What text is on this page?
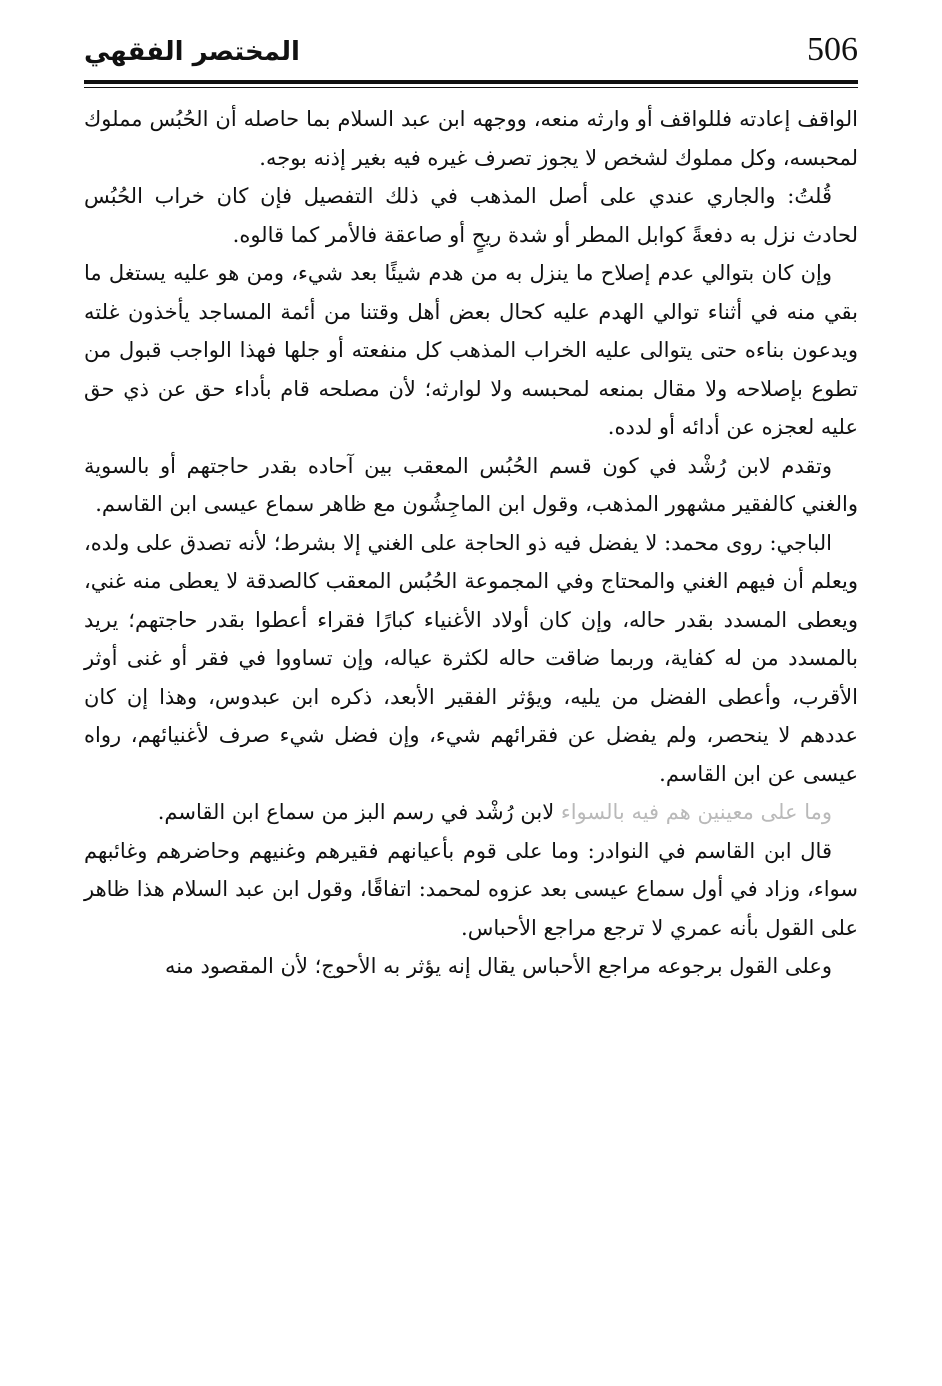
506
المختصر الفقهي

الواقف إعادته فللواقف أو وارثه منعه، ووجهه ابن عبد السلام بما حاصله أن الحُبُس مملوك لمحبسه، وكل مملوك لشخص لا يجوز تصرف غيره فيه بغير إذنه بوجه.

قُلتُ: والجاري عندي على أصل المذهب في ذلك التفصيل فإن كان خراب الحُبُس لحادث نزل به دفعةً كوابل المطر أو شدة ريحٍ أو صاعقة فالأمر كما قالوه.

وإن كان بتوالي عدم إصلاح ما ينزل به من هدم شيئًا بعد شيء، ومن هو عليه يستغل ما بقي منه في أثناء توالي الهدم عليه كحال بعض أهل وقتنا من أئمة المساجد يأخذون غلته ويدعون بناءه حتى يتوالى عليه الخراب المذهب كل منفعته أو جلها فهذا الواجب قبول من تطوع بإصلاحه ولا مقال بمنعه لمحبسه ولا لوارثه؛ لأن مصلحه قام بأداء حق عن ذي حق عليه لعجزه عن أدائه أو لدده.

وتقدم لابن رُشْد في كون قسم الحُبُس المعقب بين آحاده بقدر حاجتهم أو بالسوية والغني كالفقير مشهور المذهب، وقول ابن الماجِشُون مع ظاهر سماع عيسى ابن القاسم.

الباجي: روى محمد: لا يفضل فيه ذو الحاجة على الغني إلا بشرط؛ لأنه تصدق على ولده، ويعلم أن فيهم الغني والمحتاج وفي المجموعة الحُبُس المعقب كالصدقة لا يعطى منه غني، ويعطى المسدد بقدر حاله، وإن كان أولاد الأغنياء كبارًا فقراء أعطوا بقدر حاجتهم؛ يريد بالمسدد من له كفاية، وربما ضاقت حاله لكثرة عياله، وإن تساووا في فقر أو غنى أوثر الأقرب، وأعطى الفضل من يليه، ويؤثر الفقير الأبعد، ذكره ابن عبدوس، وهذا إن كان عددهم لا ينحصر، ولم يفضل عن فقرائهم شيء، وإن فضل شيء صرف لأغنيائهم، رواه عيسى عن ابن القاسم.

وما على معينين هم فيه بالسواء لابن رُشْد في رسم البز من سماع ابن القاسم.

قال ابن القاسم في النوادر: وما على قوم بأعيانهم فقيرهم وغنيهم وحاضرهم وغائبهم سواء، وزاد في أول سماع عيسى بعد عزوه لمحمد: اتفاقًا، وقول ابن عبد السلام هذا ظاهر على القول بأنه عمري لا ترجع مراجع الأحباس.

وعلى القول برجوعه مراجع الأحباس يقال إنه يؤثر به الأحوج؛ لأن المقصود منه
